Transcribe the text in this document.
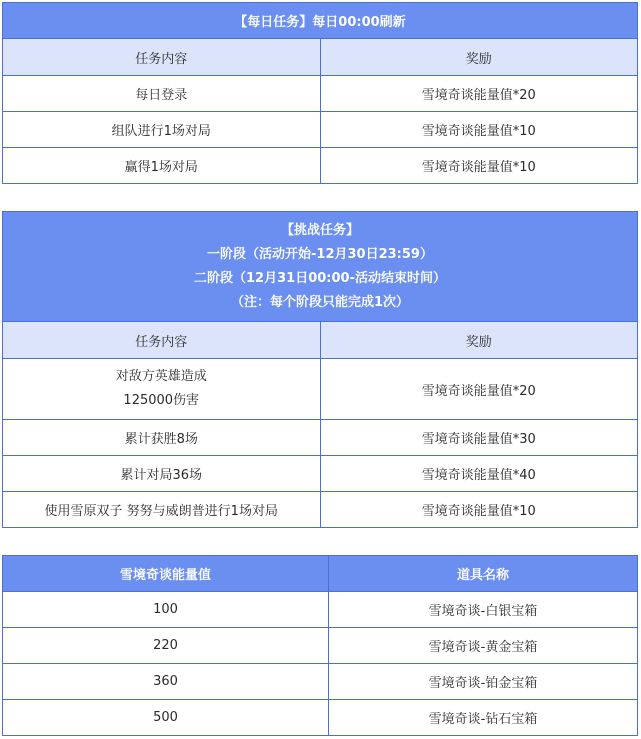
【每日任务】每日00:00刷新	
任务内容	奖励
每日登录	雪境奇谈能量值*20
组队进行1场对局	雪境奇谈能量值*10
赢得1场对局	雪境奇谈能量值*10
【挑战任务】
一阶段（活动开始-12月30日23:59）
二阶段（12月31日00:00-活动结束时间）
（注：每个阶段只能完成1次）	

任务内容	奖励

对敌方英雄造成
125000伤害	雪境奇谈能量值*20
累计获胜8场	雪境奇谈能量值*30
累计对局36场	雪境奇谈能量值*40
使用雪原双子 努努与威朗普进行1场对局	雪境奇谈能量值*10
雪境奇谈能量值	道具名称
100	雪境奇谈-白银宝箱
220	雪境奇谈-黄金宝箱
360	雪境奇谈-铂金宝箱
500	雪境奇谈-钻石宝箱
